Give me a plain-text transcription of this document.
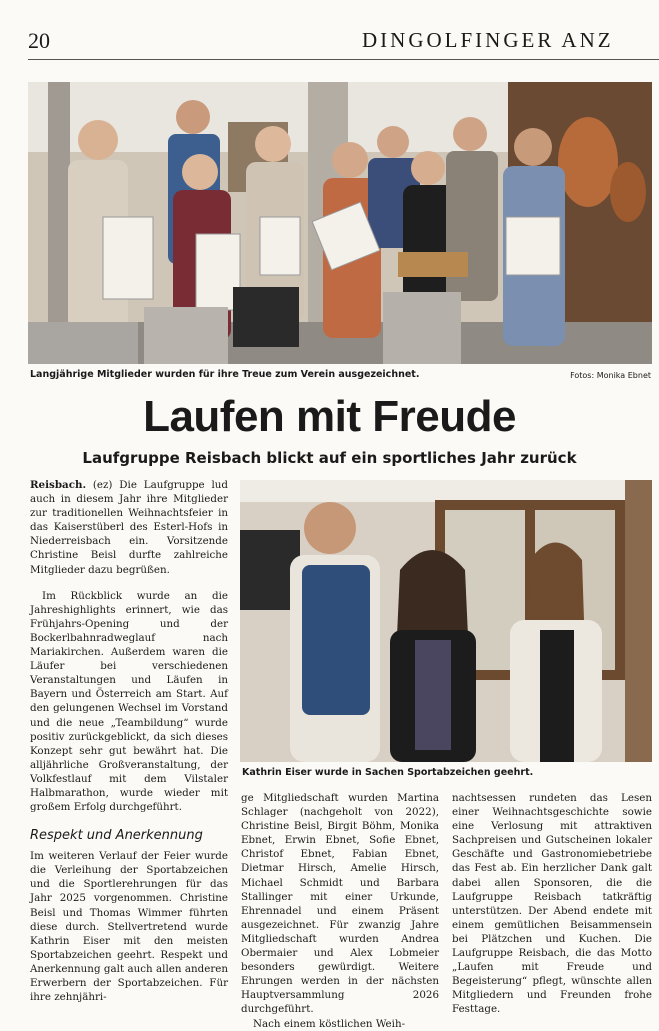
20	DINGOLFINGER ANZ
Langjährige Mitglieder wurden für ihre Treue zum Verein ausgezeichnet.	Fotos: Monika Ebnet
Laufen mit Freude
Laufgruppe Reisbach blickt auf ein sportliches Jahr zurück

Reisbach. (ez) Die Laufgruppe lud auch in diesem Jahr ihre Mitglieder zur traditionellen Weihnachtsfeier in das Kaiserstüberl des Esterl-Hofs in Niederreisbach ein. Vorsitzende Christine Beisl durfte zahlreiche Mitglieder dazu begrüßen.

Im Rückblick wurde an die Jahreshighlights erinnert, wie das Frühjahrs-Opening und der Bockerlbahnradweglauf nach Mariakirchen. Außerdem waren die Läufer bei verschiedenen Veranstaltungen und Läufen in Bayern und Österreich am Start. Auf den gelungenen Wechsel im Vorstand und die neue „Teambildung“ wurde positiv zurückgeblickt, da sich dieses Konzept sehr gut bewährt hat. Die alljährliche Großveranstaltung, der Volkfestlauf mit dem Vilstaler Halbmarathon, wurde wieder mit großem Erfolg durchgeführt.

Respekt und Anerkennung

Im weiteren Verlauf der Feier wurde die Verleihung der Sportabzeichen und die Sportlerehrungen für das Jahr 2025 vorgenommen. Christine Beisl und Thomas Wimmer führten diese durch. Stellvertretend wurde Kathrin Eiser mit den meisten Sportabzeichen geehrt. Respekt und Anerkennung galt auch allen anderen Erwerbern der Sportabzeichen. Für ihre zehnjähri-

Kathrin Eiser wurde in Sachen Sportabzeichen geehrt.

ge Mitgliedschaft wurden Martina Schlager (nachgeholt von 2022), Christine Beisl, Birgit Böhm, Monika Ebnet, Erwin Ebnet, Sofie Ebnet, Christof Ebnet, Fabian Ebnet, Dietmar Hirsch, Amelie Hirsch, Michael Schmidt und Barbara Stallinger mit einer Urkunde, Ehrennadel und einem Präsent ausgezeichnet. Für zwanzig Jahre Mitgliedschaft wurden Andrea Obermaier und Alex Lobmeier besonders gewürdigt. Weitere Ehrungen werden in der nächsten Hauptversammlung 2026 durchgeführt.

Nach einem köstlichen Weih-

nachtsessen rundeten das Lesen einer Weihnachtsgeschichte sowie eine Verlosung mit attraktiven Sachpreisen und Gutscheinen lokaler Geschäfte und Gastronomiebetriebe das Fest ab. Ein herzlicher Dank galt dabei allen Sponsoren, die die Laufgruppe Reisbach tatkräftig unterstützen. Der Abend endete mit einem gemütlichen Beisammensein bei Plätzchen und Kuchen. Die Laufgruppe Reisbach, die das Motto „Laufen mit Freude und Begeisterung“ pflegt, wünschte allen Mitgliedern und Freunden frohe Festtage.
